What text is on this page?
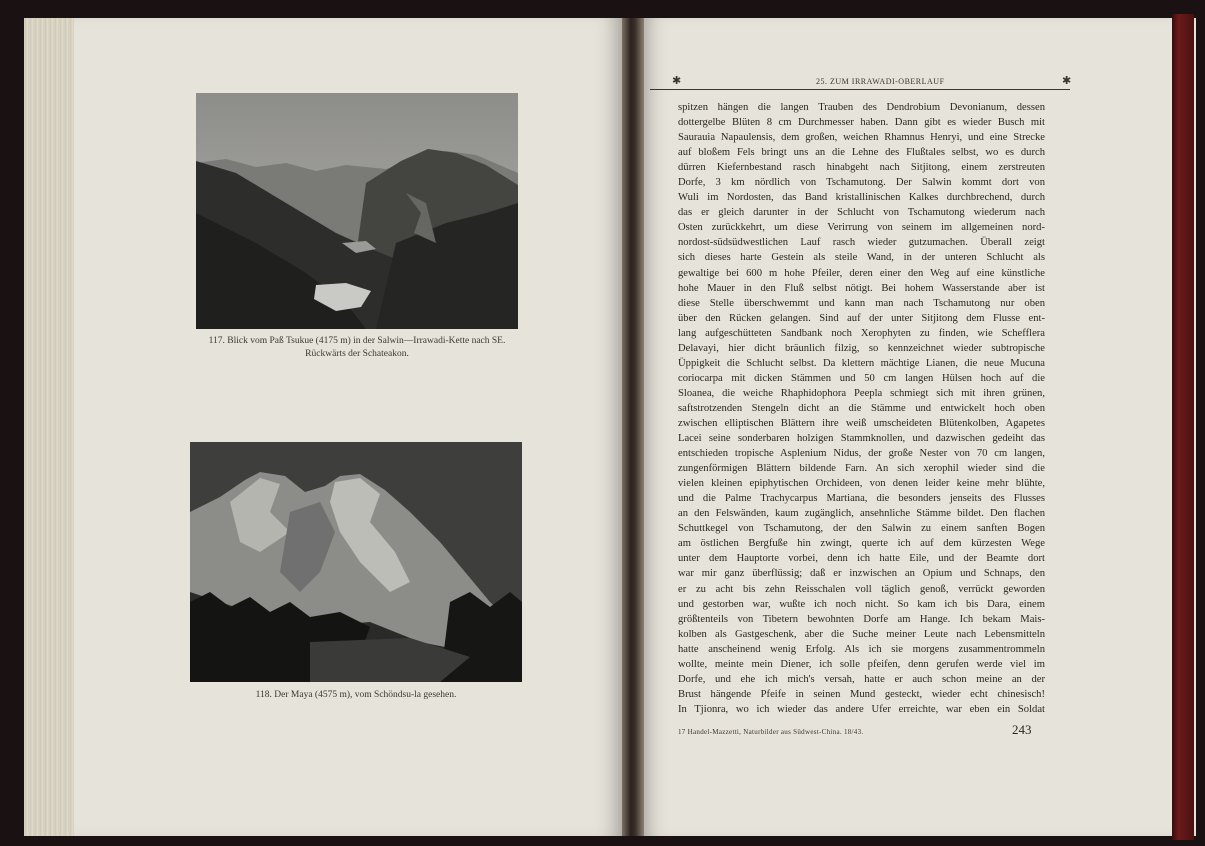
117. Blick vom Paß Tsukue (4175 m) in der Salwin—Irrawadi-Kette nach SE.
Rückwärts der Schateakon.
118. Der Maya (4575 m), vom Schöndsu-la gesehen.
✱	25. ZUM IRRAWADI-OBERLAUF	✱
spitzen hängen die langen Trauben des Dendrobium Devonianum, dessen
dottergelbe Blüten 8 cm Durchmesser haben. Dann gibt es wieder Busch mit
Saurauia Napaulensis, dem großen, weichen Rhamnus Henryi, und eine Strecke
auf bloßem Fels bringt uns an die Lehne des Flußtales selbst, wo es durch
dürren Kiefernbestand rasch hinabgeht nach Sitjitong, einem zerstreuten
Dorfe, 3 km nördlich von Tschamutong. Der Salwin kommt dort von
Wuli im Nordosten, das Band kristallinischen Kalkes durchbrechend, durch
das er gleich darunter in der Schlucht von Tschamutong wiederum nach
Osten zurückkehrt, um diese Verirrung von seinem im allgemeinen nord-
nordost-südsüdwestlichen Lauf rasch wieder gutzumachen. Überall zeigt
sich dieses harte Gestein als steile Wand, in der unteren Schlucht als
gewaltige bei 600 m hohe Pfeiler, deren einer den Weg auf eine künstliche
hohe Mauer in den Fluß selbst nötigt. Bei hohem Wasserstande aber ist
diese Stelle überschwemmt und kann man nach Tschamutong nur oben
über den Rücken gelangen. Sind auf der unter Sitjitong dem Flusse ent-
lang aufgeschütteten Sandbank noch Xerophyten zu finden, wie Schefflera
Delavayi, hier dicht bräunlich filzig, so kennzeichnet wieder subtropische
Üppigkeit die Schlucht selbst. Da klettern mächtige Lianen, die neue Mucuna
coriocarpa mit dicken Stämmen und 50 cm langen Hülsen hoch auf die
Sloanea, die weiche Rhaphidophora Peepla schmiegt sich mit ihren grünen,
saftstrotzenden Stengeln dicht an die Stämme und entwickelt hoch oben
zwischen elliptischen Blättern ihre weiß umscheideten Blütenkolben, Agapetes
Lacei seine sonderbaren holzigen Stammknollen, und dazwischen gedeiht das
entschieden tropische Asplenium Nidus, der große Nester von 70 cm langen,
zungenförmigen Blättern bildende Farn. An sich xerophil wieder sind die
vielen kleinen epiphytischen Orchideen, von denen leider keine mehr blühte,
und die Palme Trachycarpus Martiana, die besonders jenseits des Flusses
an den Felswänden, kaum zugänglich, ansehnliche Stämme bildet. Den flachen
Schuttkegel von Tschamutong, der den Salwin zu einem sanften Bogen
am östlichen Bergfuße hin zwingt, querte ich auf dem kürzesten Wege
unter dem Hauptorte vorbei, denn ich hatte Eile, und der Beamte dort
war mir ganz überflüssig; daß er inzwischen an Opium und Schnaps, den
er zu acht bis zehn Reisschalen voll täglich genoß, verrückt geworden
und gestorben war, wußte ich noch nicht. So kam ich bis Dara, einem
größtenteils von Tibetern bewohnten Dorfe am Hange. Ich bekam Mais-
kolben als Gastgeschenk, aber die Suche meiner Leute nach Lebensmitteln
hatte anscheinend wenig Erfolg. Als ich sie morgens zusammentrommeln
wollte, meinte mein Diener, ich solle pfeifen, denn gerufen werde viel im
Dorfe, und ehe ich mich's versah, hatte er auch schon meine an der
Brust hängende Pfeife in seinen Mund gesteckt, wieder echt chinesisch!
In Tjionra, wo ich wieder das andere Ufer erreichte, war eben ein Soldat
17 Handel-Mazzetti, Naturbilder aus Südwest-China. 18/43.	243
